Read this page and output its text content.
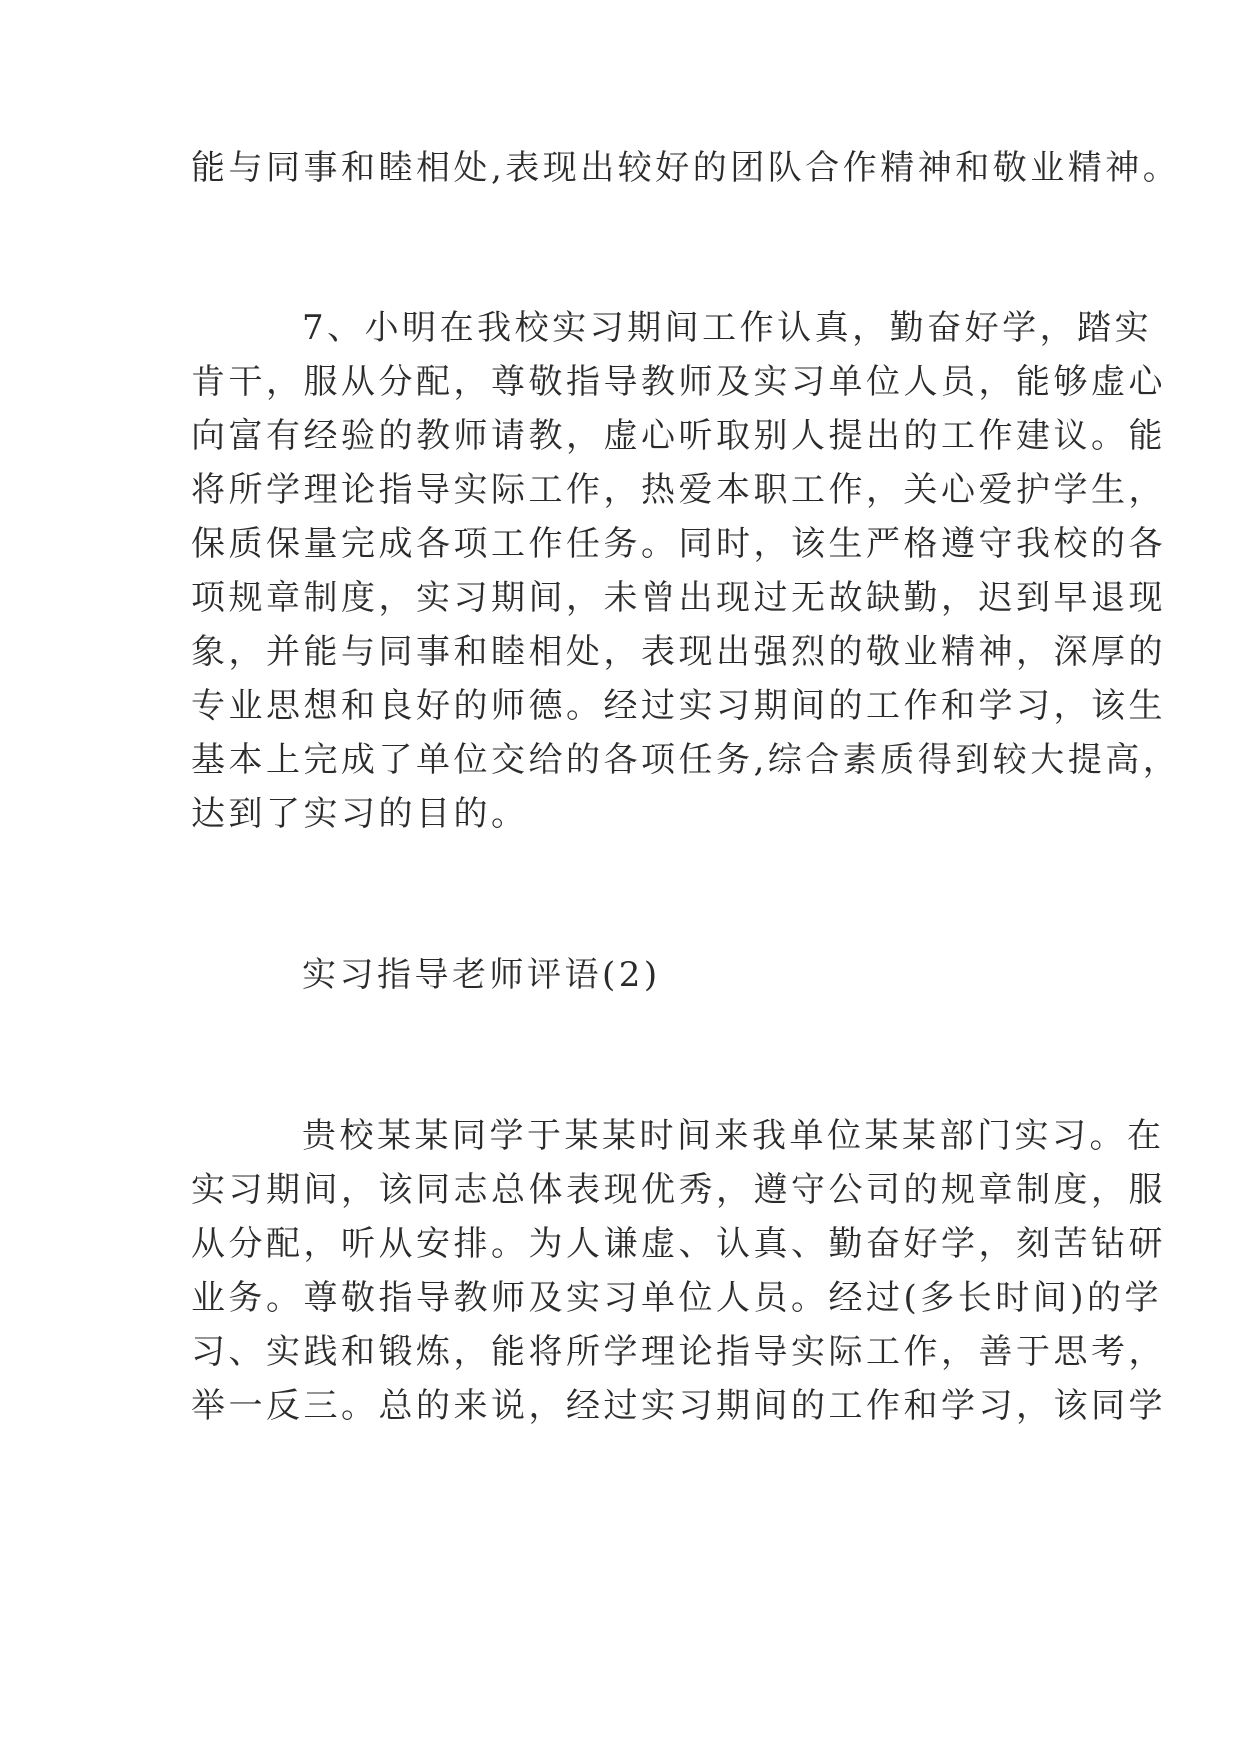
能与同事和睦相处,表现出较好的团队合作精神和敬业精神。
7、小明在我校实习期间工作认真，勤奋好学，踏实
肯干，服从分配，尊敬指导教师及实习单位人员，能够虚心
向富有经验的教师请教，虚心听取别人提出的工作建议。能
将所学理论指导实际工作，热爱本职工作，关心爱护学生，
保质保量完成各项工作任务。同时，该生严格遵守我校的各
项规章制度，实习期间，未曾出现过无故缺勤，迟到早退现
象，并能与同事和睦相处，表现出强烈的敬业精神，深厚的
专业思想和良好的师德。经过实习期间的工作和学习，该生
基本上完成了单位交给的各项任务,综合素质得到较大提高，
达到了实习的目的。
实习指导老师评语(2)
贵校某某同学于某某时间来我单位某某部门实习。在
实习期间，该同志总体表现优秀，遵守公司的规章制度，服
从分配，听从安排。为人谦虚、认真、勤奋好学，刻苦钻研
业务。尊敬指导教师及实习单位人员。经过(多长时间)的学
习、实践和锻炼，能将所学理论指导实际工作，善于思考，
举一反三。总的来说，经过实习期间的工作和学习，该同学
